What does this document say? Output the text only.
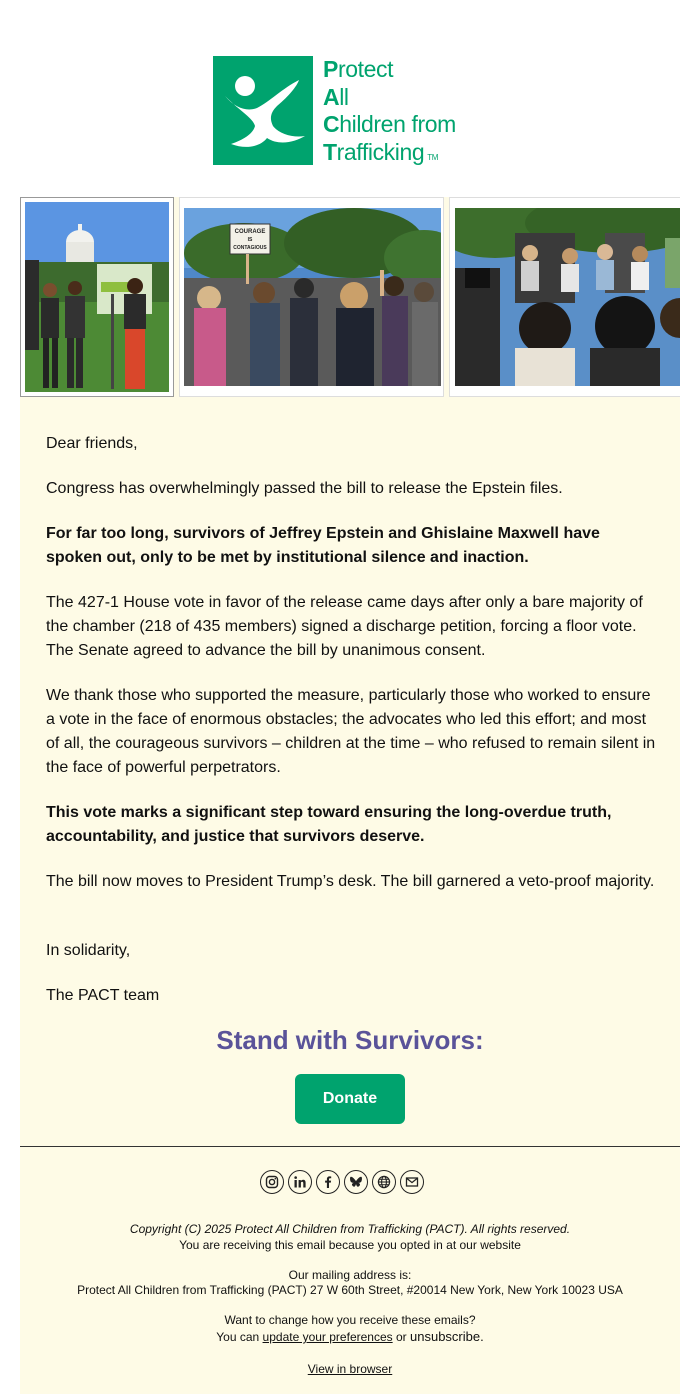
Protect
All
Children from
Trafficking TM
COURAGE
IS
CONTAGIOUS

Dear friends,

Congress has overwhelmingly passed the bill to release the Epstein files.

For far too long, survivors of Jeffrey Epstein and Ghislaine Maxwell have spoken out, only to be met by institutional silence and inaction.

The 427-1 House vote in favor of the release came days after only a bare majority of the chamber (218 of 435 members) signed a discharge petition, forcing a floor vote. The Senate agreed to advance the bill by unanimous consent.

We thank those who supported the measure, particularly those who worked to ensure a vote in the face of enormous obstacles; the advocates who led this effort; and most of all, the courageous survivors – children at the time – who refused to remain silent in the face of powerful perpetrators.

This vote marks a significant step toward ensuring the long-overdue truth, accountability, and justice that survivors deserve.

The bill now moves to President Trump’s desk. The bill garnered a veto-proof majority.

In solidarity,

The PACT team

Stand with Survivors:
Donate

Copyright (C) 2025 Protect All Children from Trafficking (PACT). All rights reserved.

You are receiving this email because you opted in at our website

Our mailing address is:

Protect All Children from Trafficking (PACT) 27 W 60th Street, #20014 New York, New York 10023 USA

Want to change how you receive these emails?

You can update your preferences or unsubscribe.

View in browser
